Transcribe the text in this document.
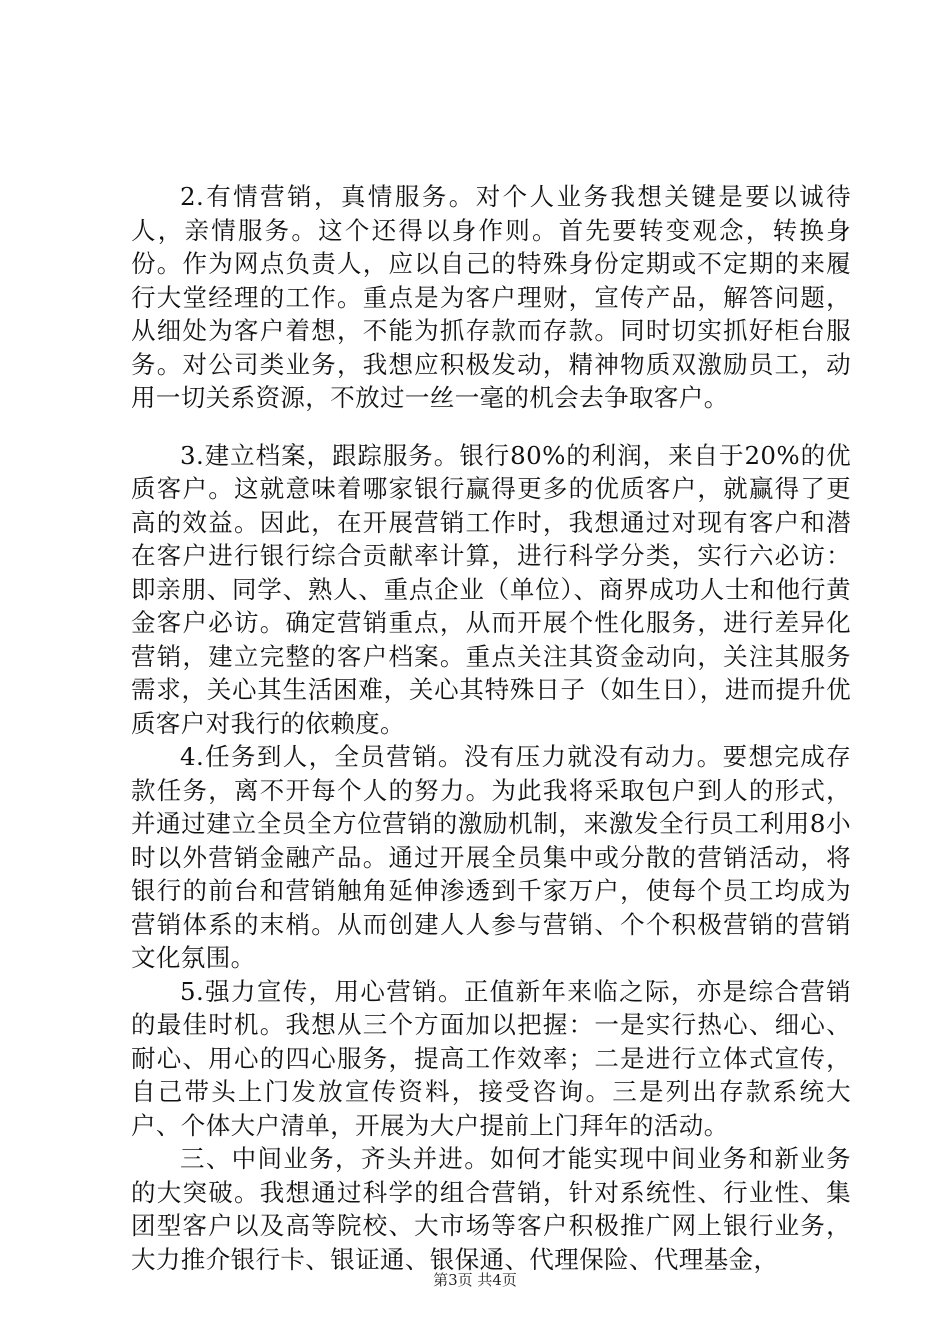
2.有情营销，真情服务。对个人业务我想关键是要以诚待人，亲情服务。这个还得以身作则。首先要转变观念，转换身份。作为网点负责人，应以自己的特殊身份定期或不定期的来履行大堂经理的工作。重点是为客户理财，宣传产品，解答问题，从细处为客户着想，不能为抓存款而存款。同时切实抓好柜台服务。对公司类业务，我想应积极发动，精神物质双激励员工，动用一切关系资源，不放过一丝一毫的机会去争取客户。

3.建立档案，跟踪服务。银行80%的利润，来自于20%的优质客户。这就意味着哪家银行赢得更多的优质客户，就赢得了更高的效益。因此，在开展营销工作时，我想通过对现有客户和潜在客户进行银行综合贡献率计算，进行科学分类，实行六必访：即亲朋、同学、熟人、重点企业（单位）、商界成功人士和他行黄金客户必访。确定营销重点，从而开展个性化服务，进行差异化营销，建立完整的客户档案。重点关注其资金动向，关注其服务需求，关心其生活困难，关心其特殊日子（如生日），进而提升优质客户对我行的依赖度。

4.任务到人，全员营销。没有压力就没有动力。要想完成存款任务，离不开每个人的努力。为此我将采取包户到人的形式，并通过建立全员全方位营销的激励机制，来激发全行员工利用8小时以外营销金融产品。通过开展全员集中或分散的营销活动，将银行的前台和营销触角延伸渗透到千家万户，使每个员工均成为营销体系的末梢。从而创建人人参与营销、个个积极营销的营销文化氛围。

5.强力宣传，用心营销。正值新年来临之际，亦是综合营销的最佳时机。我想从三个方面加以把握：一是实行热心、细心、耐心、用心的四心服务，提高工作效率；二是进行立体式宣传，自己带头上门发放宣传资料，接受咨询。三是列出存款系统大户、个体大户清单，开展为大户提前上门拜年的活动。

三、中间业务，齐头并进。如何才能实现中间业务和新业务的大突破。我想通过科学的组合营销，针对系统性、行业性、集团型客户以及高等院校、大市场等客户积极推广网上银行业务，大力推介银行卡、银证通、银保通、代理保险、代理基金，

第3页 共4页
